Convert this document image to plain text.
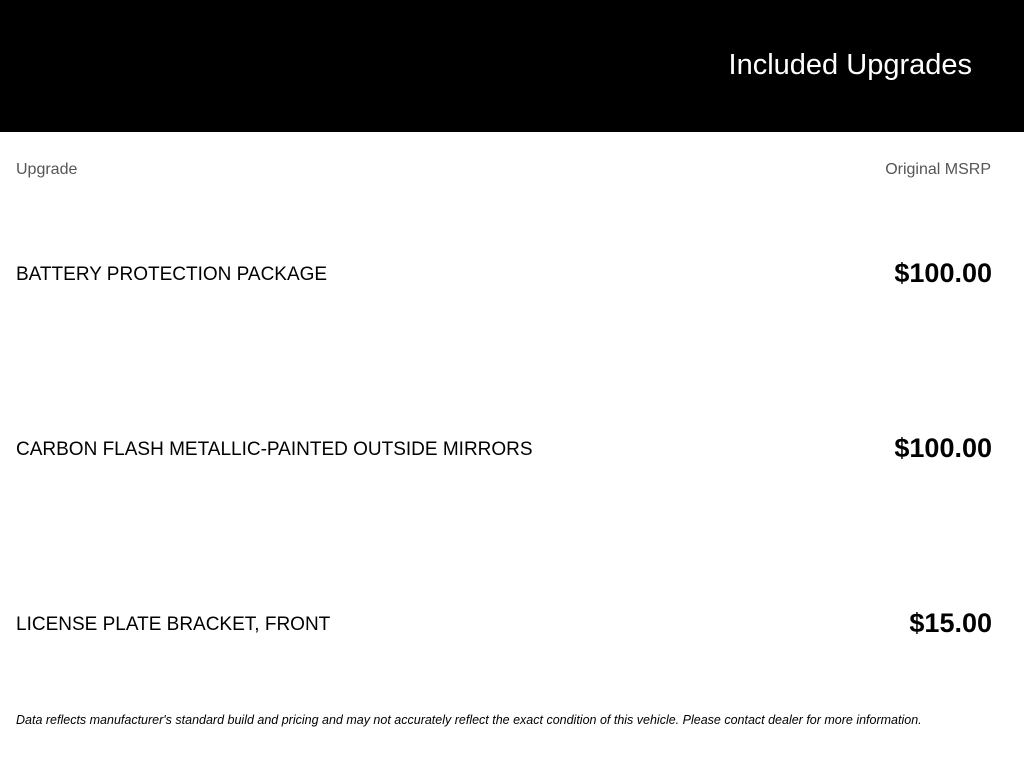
Included Upgrades
Upgrade	Original MSRP
BATTERY PROTECTION PACKAGE	$100.00
CARBON FLASH METALLIC-PAINTED OUTSIDE MIRRORS	$100.00
LICENSE PLATE BRACKET, FRONT	$15.00
Data reflects manufacturer's standard build and pricing and may not accurately reflect the exact condition of this vehicle. Please contact dealer for more information.
